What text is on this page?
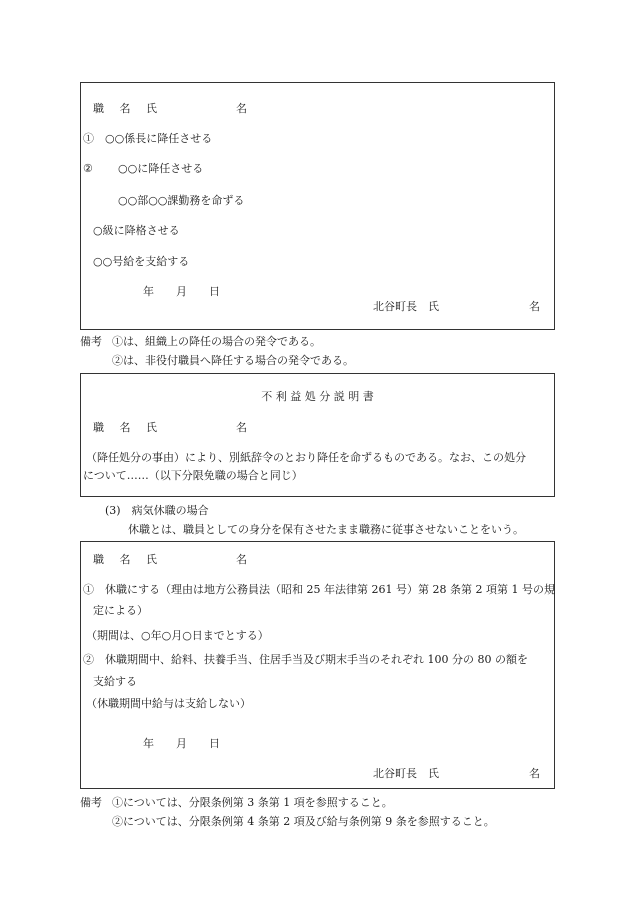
職 名 氏	名
①　○○係長に降任させる
② ○○に降任させる
○○部○○課勤務を命ずる
○級に降格させる
○○号給を支給する
年　　月　　日
北谷町長　氏	名
備考 ①は、組織上の降任の場合の発令である。
②は、非役付職員へ降任する場合の発令である。
不 利 益 処 分 説 明 書
職 名 氏	名
（降任処分の事由）により、別紙辞令のとおり降任を命ずるものである。なお、この処分
について……（以下分限免職の場合と同じ）
(3)　病気休職の場合
休職とは、職員としての身分を保有させたまま職務に従事させないことをいう。
職 名 氏	名
①　休職にする（理由は地方公務員法（昭和 25 年法律第 261 号）第 28 条第 2 項第 1 号の規
定による）
（期間は、○年○月○日までとする）
②　休職期間中、給料、扶養手当、住居手当及び期末手当のそれぞれ 100 分の 80 の額を
支給する
（休職期間中給与は支給しない）
年　　月　　日
北谷町長　氏	名
備考 ①については、分限条例第 3 条第 1 項を参照すること。
②については、分限条例第 4 条第 2 項及び給与条例第 9 条を参照すること。
